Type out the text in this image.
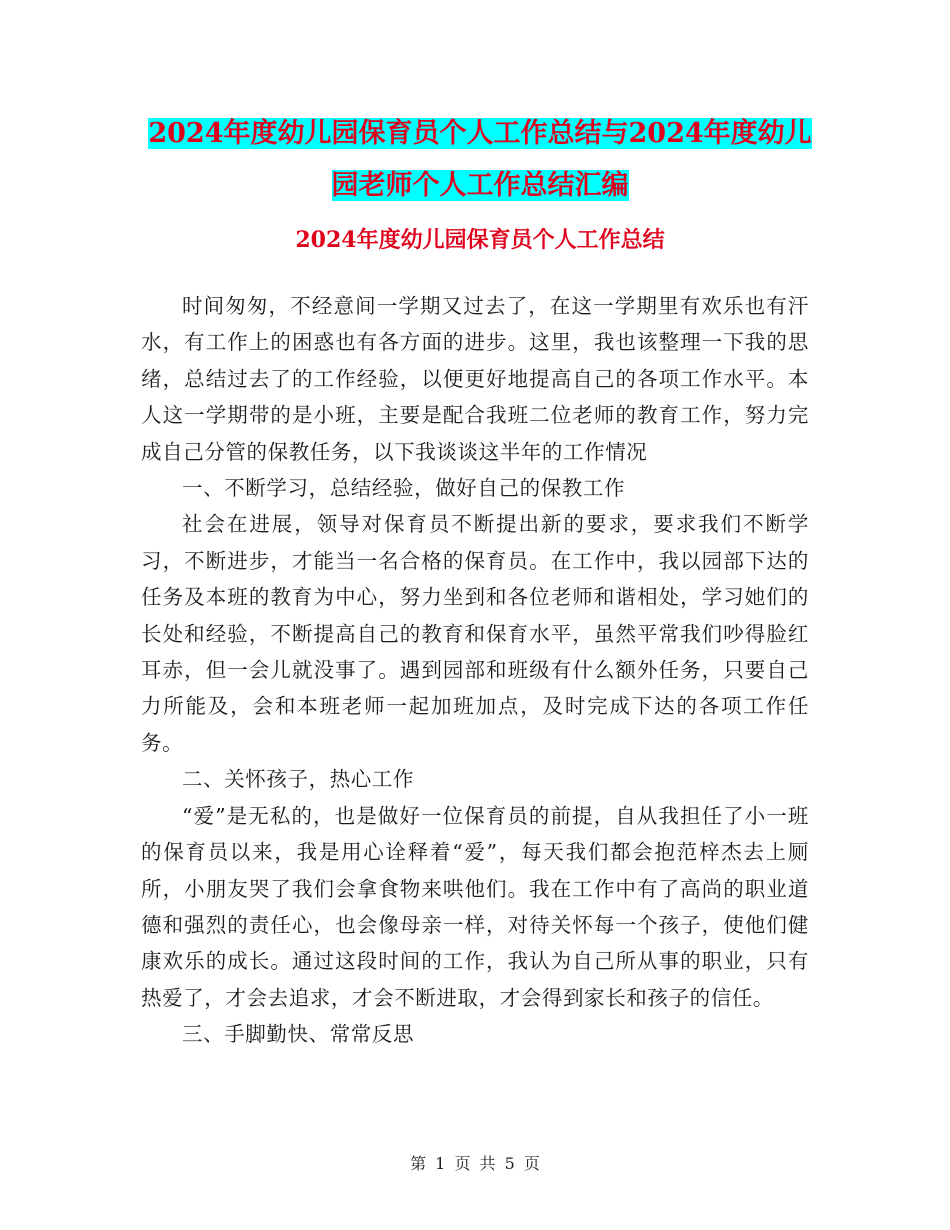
2024年度幼儿园保育员个人工作总结与2024年度幼儿
园老师个人工作总结汇编
2024年度幼儿园保育员个人工作总结

时间匆匆，不经意间一学期又过去了，在这一学期里有欢乐也有汗水，有工作上的困惑也有各方面的进步。这里，我也该整理一下我的思绪，总结过去了的工作经验，以便更好地提高自己的各项工作水平。本人这一学期带的是小班，主要是配合我班二位老师的教育工作，努力完成自己分管的保教任务，以下我谈谈这半年的工作情况

一、不断学习，总结经验，做好自己的保教工作

社会在进展，领导对保育员不断提出新的要求，要求我们不断学习，不断进步，才能当一名合格的保育员。在工作中，我以园部下达的任务及本班的教育为中心，努力坐到和各位老师和谐相处，学习她们的长处和经验，不断提高自己的教育和保育水平，虽然平常我们吵得脸红耳赤，但一会儿就没事了。遇到园部和班级有什么额外任务，只要自己力所能及，会和本班老师一起加班加点，及时完成下达的各项工作任务。

二、关怀孩子，热心工作

“爱”是无私的，也是做好一位保育员的前提，自从我担任了小一班的保育员以来，我是用心诠释着“爱”，每天我们都会抱范梓杰去上厕所，小朋友哭了我们会拿食物来哄他们。我在工作中有了高尚的职业道德和强烈的责任心，也会像母亲一样，对待关怀每一个孩子，使他们健康欢乐的成长。通过这段时间的工作，我认为自己所从事的职业，只有热爱了，才会去追求，才会不断进取，才会得到家长和孩子的信任。

三、手脚勤快、常常反思

第 1 页 共 5 页
